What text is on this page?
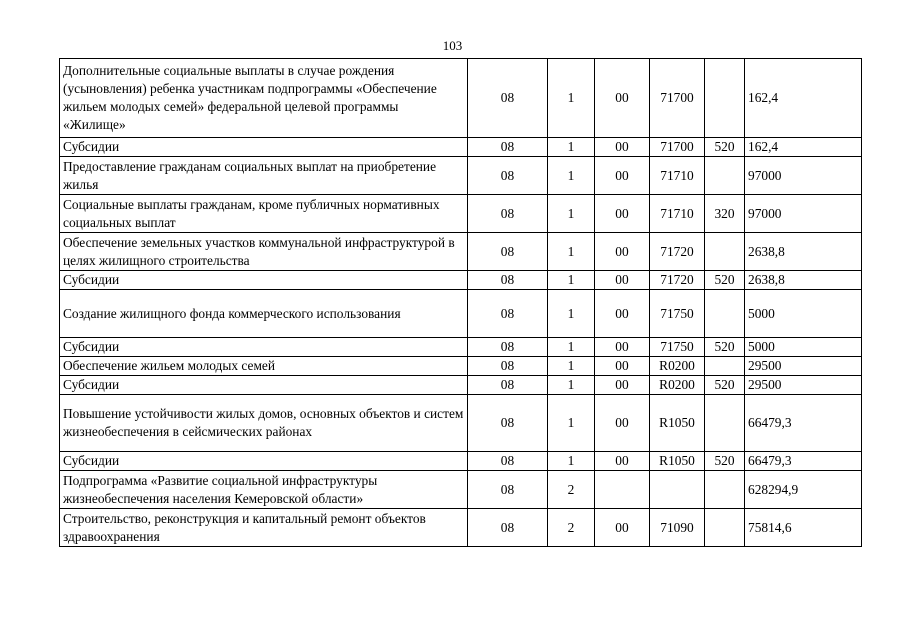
103
Дополнительные социальные выплаты в случае рождения (усыновления) ребенка участникам подпрограммы «Обеспечение жильем молодых семей» федеральной целевой программы «Жилище»	08	1	00	71700		162,4
Субсидии	08	1	00	71700	520	162,4
Предоставление гражданам социальных выплат на приобретение жилья	08	1	00	71710		97000
Социальные выплаты гражданам, кроме публичных нормативных социальных выплат	08	1	00	71710	320	97000
Обеспечение земельных участков коммунальной инфраструктурой в целях жилищного строительства	08	1	00	71720		2638,8
Субсидии	08	1	00	71720	520	2638,8
Создание жилищного фонда коммерческого использования	08	1	00	71750		5000
Субсидии	08	1	00	71750	520	5000
Обеспечение жильем молодых семей	08	1	00	R0200		29500
Субсидии	08	1	00	R0200	520	29500
Повышение устойчивости жилых домов, основных объектов и систем жизнеобеспечения в сейсмических районах	08	1	00	R1050		66479,3
Субсидии	08	1	00	R1050	520	66479,3
Подпрограмма «Развитие социальной инфраструктуры жизнеобеспечения населения Кемеровской области»	08	2				628294,9
Строительство, реконструкция и капитальный ремонт объектов здравоохранения	08	2	00	71090		75814,6
